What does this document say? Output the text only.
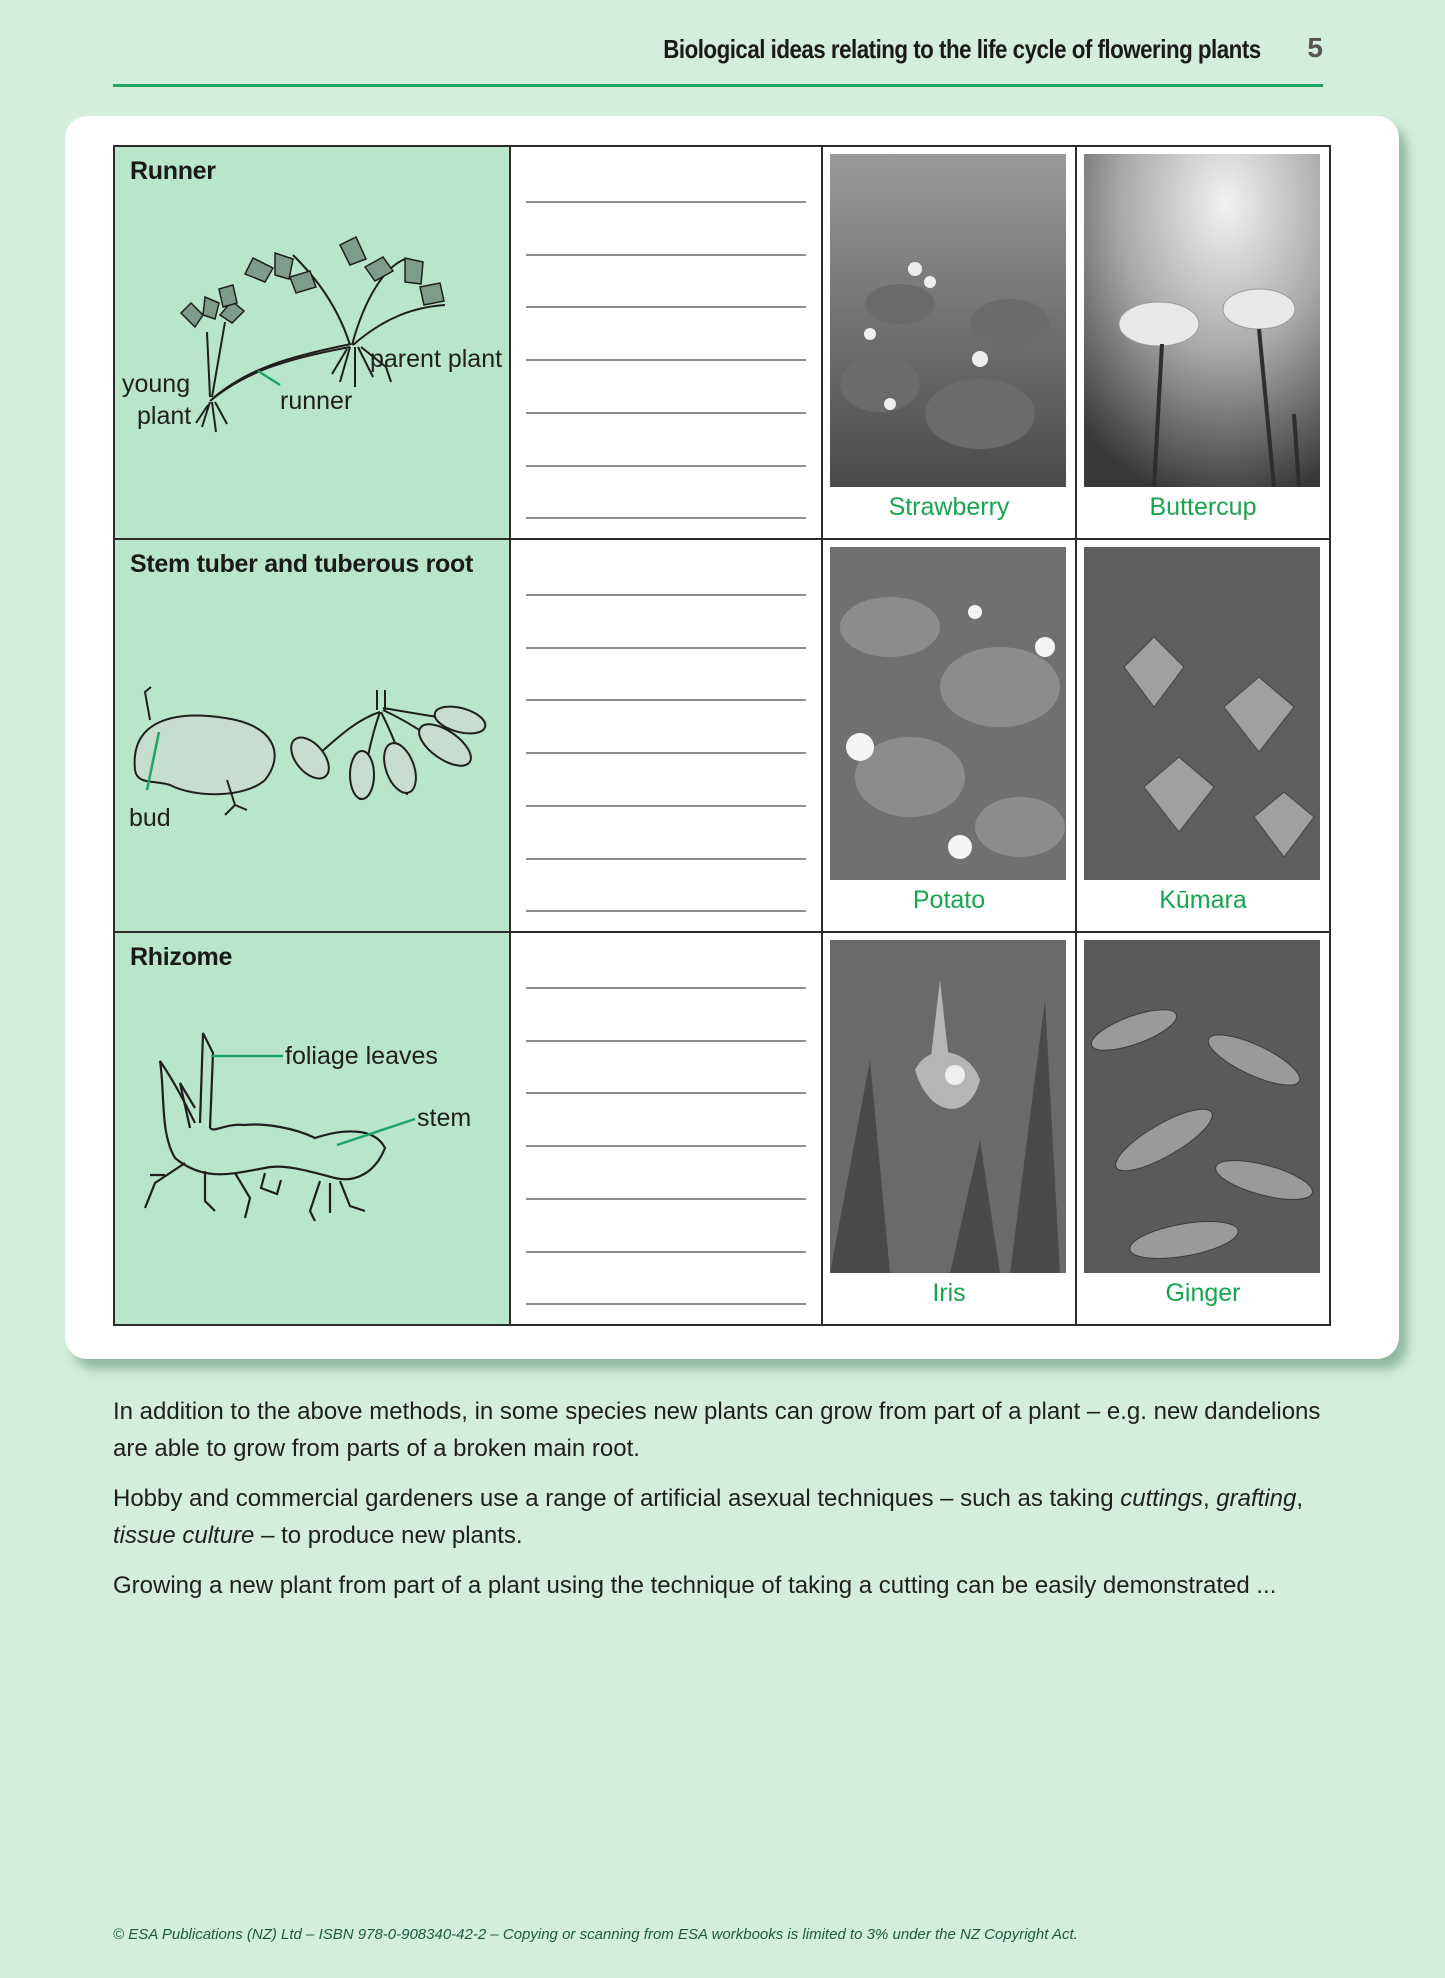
Biological ideas relating to the life cycle of flowering plants 5
Runner
young
plant
runner
parent plant		Strawberry	Buttercup

Stem tuber and tuberous root
bud		Potato	Kūmara

Rhizome
foliage leaves
stem		Iris	Ginger

In addition to the above methods, in some species new plants can grow from part of a plant – e.g. new dandelions are able to grow from parts of a broken main root.

Hobby and commercial gardeners use a range of artificial asexual techniques – such as taking cuttings, grafting, tissue culture – to produce new plants.

Growing a new plant from part of a plant using the technique of taking a cutting can be easily demonstrated ...

© ESA Publications (NZ) Ltd – ISBN 978-0-908340-42-2 – Copying or scanning from ESA workbooks is limited to 3% under the NZ Copyright Act.
